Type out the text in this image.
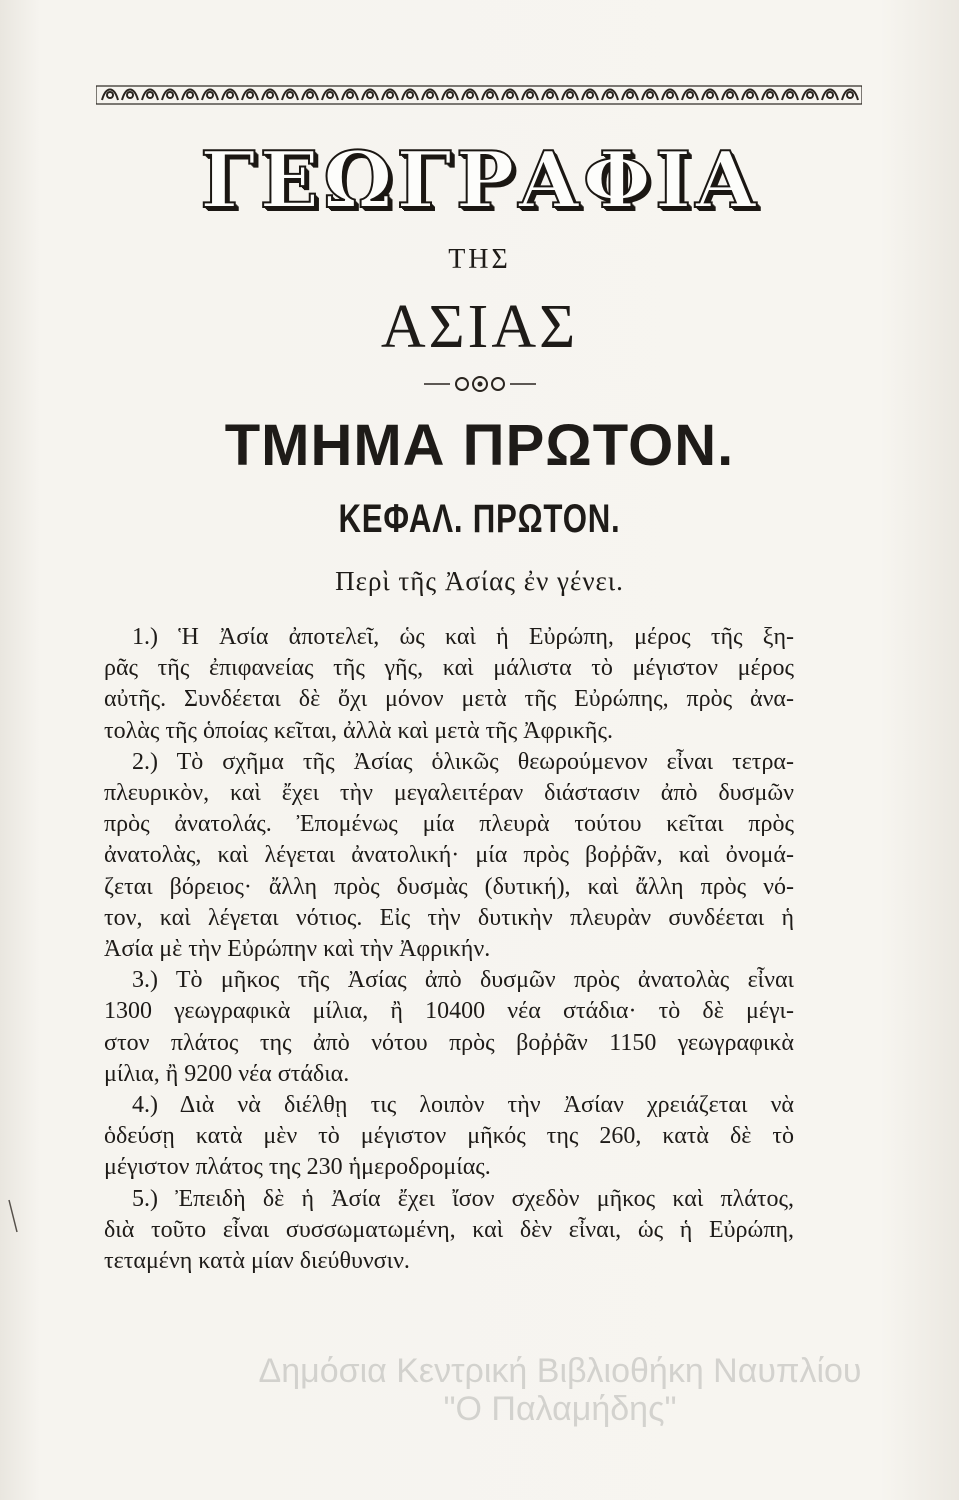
ΓΕΩΓΡΑΦΙΑ
ΤΗΣ
ΑΣΙΑΣ
ΤΜΗΜΑ ΠΡΩΤΟΝ.
ΚΕΦΑΛ. ΠΡΩΤΟΝ.
Περὶ τῆς Ἀσίας ἐν γένει.
1.) Ἡ Ἀσία ἀποτελεῖ, ὡς καὶ ἡ Εὐρώπη, μέρος τῆς ξη-
ρᾶς τῆς ἐπιφανείας τῆς γῆς, καὶ μάλιστα τὸ μέγιστον μέρος
αὐτῆς. Συνδέεται δὲ ὄχι μόνον μετὰ τῆς Εὐρώπης, πρὸς ἀνα-
τολὰς τῆς ὁποίας κεῖται, ἀλλὰ καὶ μετὰ τῆς Ἀφρικῆς.
2.) Τὸ σχῆμα τῆς Ἀσίας ὁλικῶς θεωρούμενον εἶναι τετρα-
πλευρικὸν, καὶ ἔχει τὴν μεγαλειτέραν διάστασιν ἀπὸ δυσμῶν
πρὸς ἀνατολάς. Ἐπομένως μία πλευρὰ τούτου κεῖται πρὸς
ἀνατολὰς, καὶ λέγεται ἀνατολική· μία πρὸς βοῤῥᾶν, καὶ ὀνομά-
ζεται βόρειος· ἄλλη πρὸς δυσμὰς (δυτική), καὶ ἄλλη πρὸς νό-
τον, καὶ λέγεται νότιος. Εἰς τὴν δυτικὴν πλευρὰν συνδέεται ἡ
Ἀσία μὲ τὴν Εὐρώπην καὶ τὴν Ἀφρικήν.
3.) Τὸ μῆκος τῆς Ἀσίας ἀπὸ δυσμῶν πρὸς ἀνατολὰς εἶναι
1300 γεωγραφικὰ μίλια, ἢ 10400 νέα στάδια· τὸ δὲ μέγι-
στον πλάτος της ἀπὸ νότου πρὸς βοῤῥᾶν 1150 γεωγραφικὰ
μίλια, ἢ 9200 νέα στάδια.
4.) Διὰ νὰ διέλθῃ τις λοιπὸν τὴν Ἀσίαν χρειάζεται νὰ
ὁδεύσῃ κατὰ μὲν τὸ μέγιστον μῆκός της 260, κατὰ δὲ τὸ
μέγιστον πλάτος της 230 ἡμεροδρομίας.
5.) Ἐπειδὴ δὲ ἡ Ἀσία ἔχει ἴσον σχεδὸν μῆκος καὶ πλάτος,
διὰ τοῦτο εἶναι συσσωματωμένη, καὶ δὲν εἶναι, ὡς ἡ Εὐρώπη,
τεταμένη κατὰ μίαν διεύθυνσιν.
Δημόσια Κεντρική Βιβλιοθήκη Ναυπλίου
"Ο Παλαμήδης"
